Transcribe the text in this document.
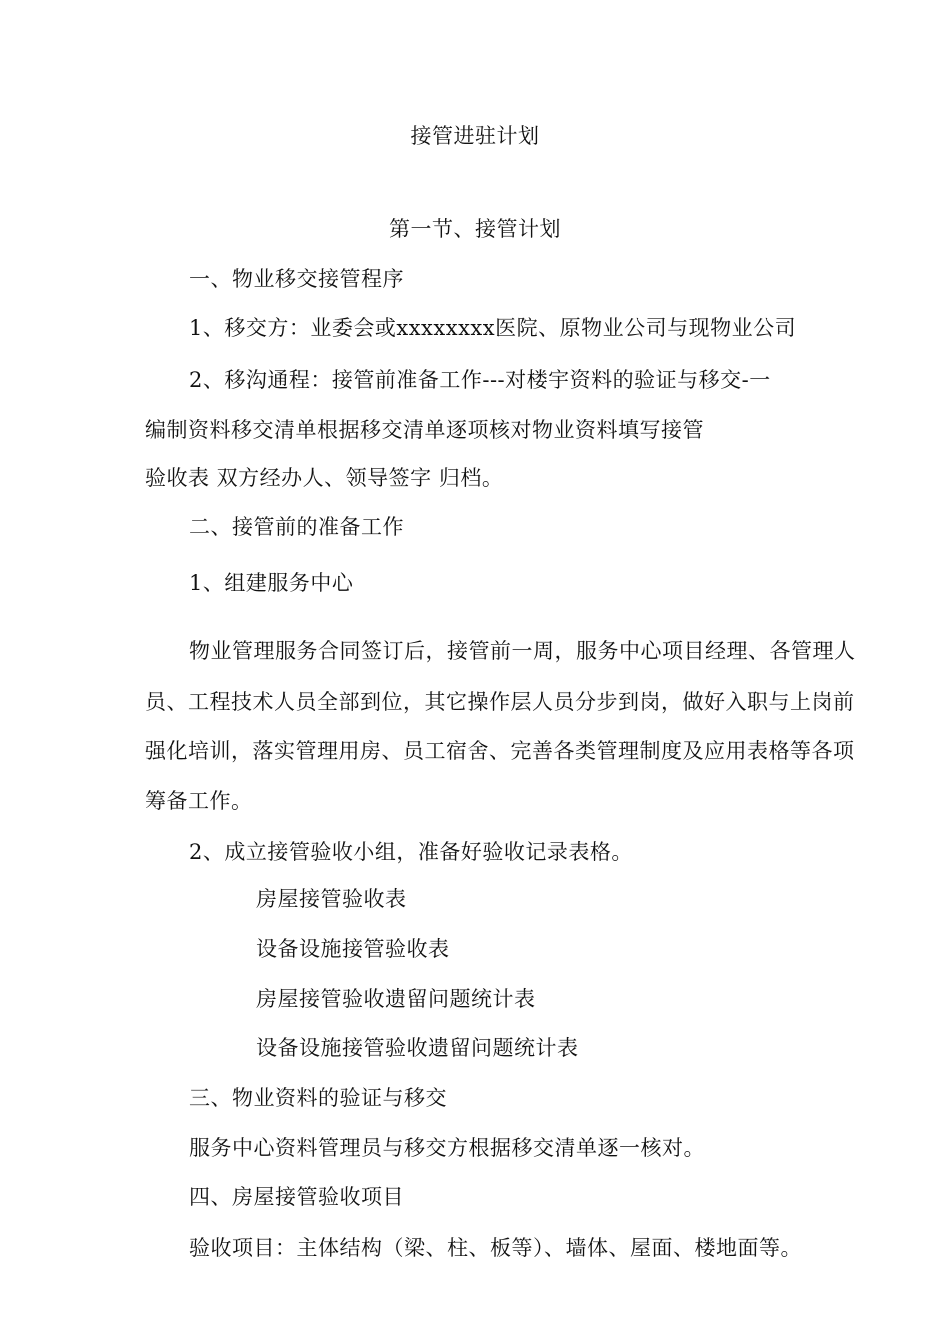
接管进驻计划
第一节、接管计划
一、物业移交接管程序
1、移交方：业委会或xxxxxxxx医院、原物业公司与现物业公司
2、移沟通程：接管前准备工作---对楼宇资料的验证与移交-一
编制资料移交清单根据移交清单逐项核对物业资料填写接管
验收表 双方经办人、领导签字 归档。
二、接管前的准备工作
1、组建服务中心
物业管理服务合同签订后，接管前一周，服务中心项目经理、各管理人
员、工程技术人员全部到位，其它操作层人员分步到岗，做好入职与上岗前
强化培训，落实管理用房、员工宿舍、完善各类管理制度及应用表格等各项
筹备工作。
2、成立接管验收小组，准备好验收记录表格。
房屋接管验收表
设备设施接管验收表
房屋接管验收遗留问题统计表
设备设施接管验收遗留问题统计表
三、物业资料的验证与移交
服务中心资料管理员与移交方根据移交清单逐一核对。
四、房屋接管验收项目
验收项目：主体结构（梁、柱、板等）、墙体、屋面、楼地面等。
